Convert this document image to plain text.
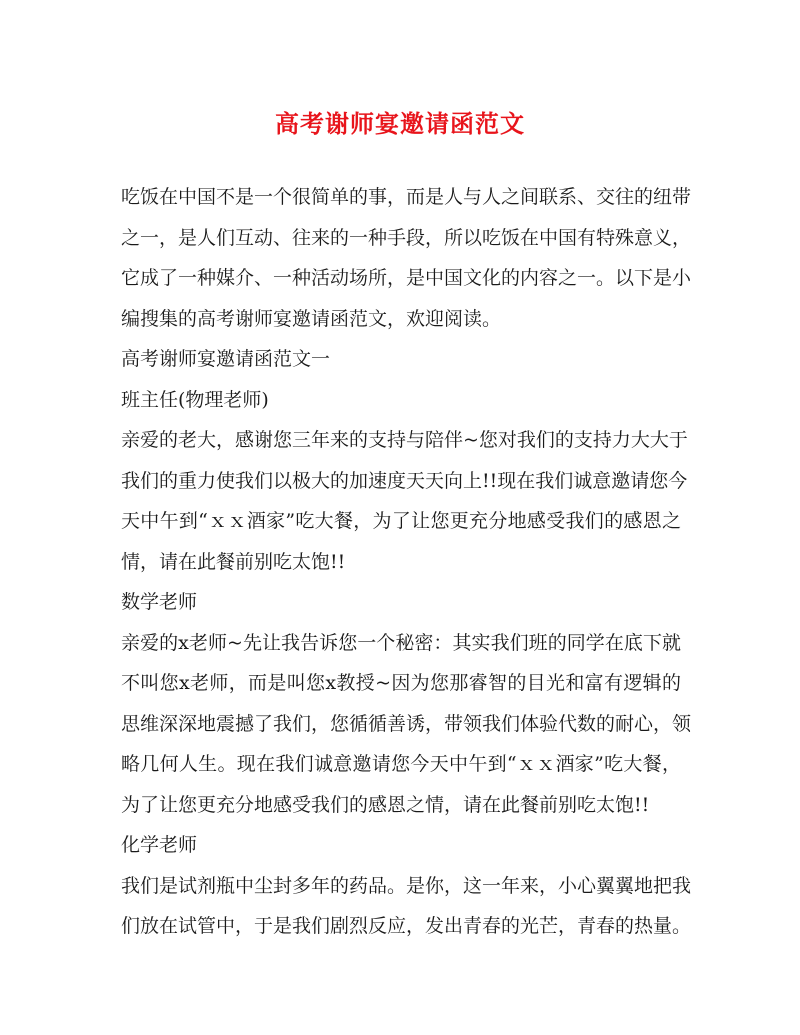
高考谢师宴邀请函范文
吃饭在中国不是一个很简单的事，而是人与人之间联系、交往的纽带
之一，是人们互动、往来的一种手段，所以吃饭在中国有特殊意义，
它成了一种媒介、一种活动场所，是中国文化的内容之一。以下是小
编搜集的高考谢师宴邀请函范文，欢迎阅读。
高考谢师宴邀请函范文一
班主任(物理老师)
亲爱的老大，感谢您三年来的支持与陪伴~您对我们的支持力大大于
我们的重力使我们以极大的加速度天天向上!!现在我们诚意邀请您今
天中午到“ｘｘ酒家”吃大餐，为了让您更充分地感受我们的感恩之
情，请在此餐前别吃太饱!!
数学老师
亲爱的x老师~先让我告诉您一个秘密：其实我们班的同学在底下就
不叫您x老师，而是叫您x教授~因为您那睿智的目光和富有逻辑的
思维深深地震撼了我们，您循循善诱，带领我们体验代数的耐心，领
略几何人生。现在我们诚意邀请您今天中午到“ｘｘ酒家”吃大餐，
为了让您更充分地感受我们的感恩之情，请在此餐前别吃太饱!!
化学老师
我们是试剂瓶中尘封多年的药品。是你，这一年来，小心翼翼地把我
们放在试管中，于是我们剧烈反应，发出青春的光芒，青春的热量。
